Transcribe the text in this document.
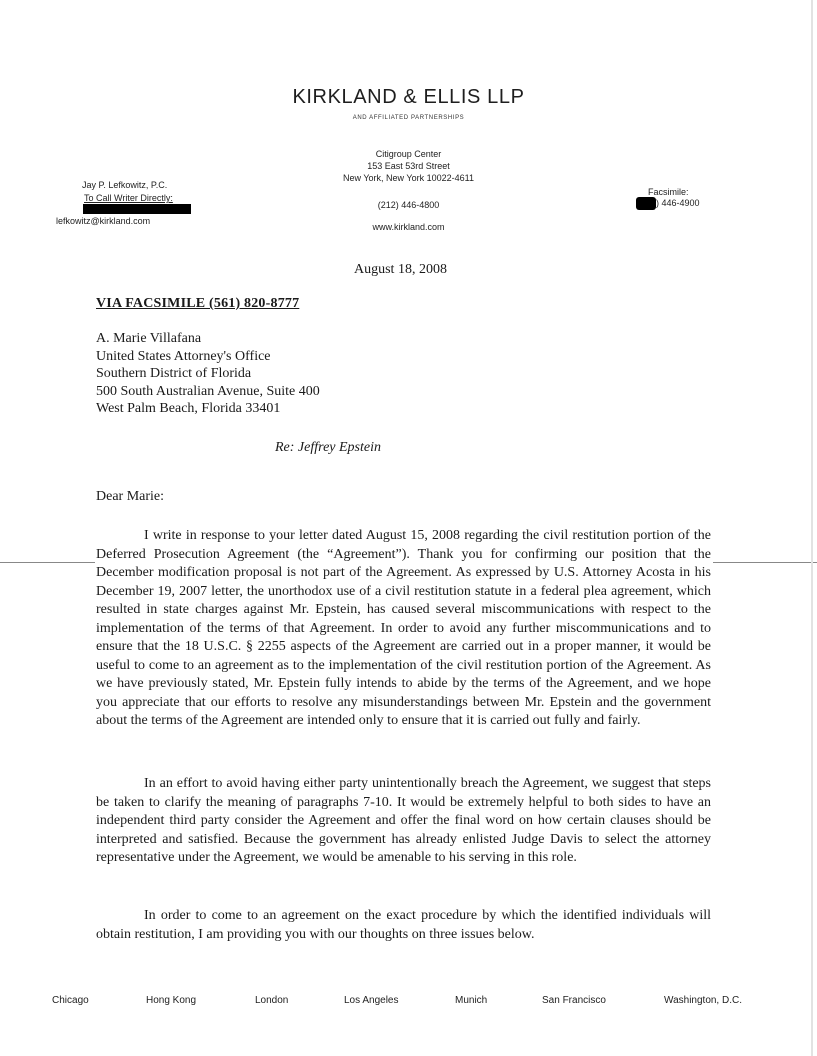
KIRKLAND & ELLIS LLP
AND AFFILIATED PARTNERSHIPS
Citigroup Center
153 East 53rd Street
New York, New York 10022-4611
(212) 446-4800
www.kirkland.com
Jay P. Lefkowitz, P.C.
To Call Writer Directly:
lefkowitz@kirkland.com
Facsimile:
) 446-4900
August 18, 2008
VIA FACSIMILE (561) 820-8777
A. Marie Villafana
United States Attorney's Office
Southern District of Florida
500 South Australian Avenue, Suite 400
West Palm Beach, Florida 33401
Re: Jeffrey Epstein
Dear Marie:
I write in response to your letter dated August 15, 2008 regarding the civil restitution portion of the Deferred Prosecution Agreement (the “Agreement”). Thank you for confirming our position that the December modification proposal is not part of the Agreement. As expressed by U.S. Attorney Acosta in his December 19, 2007 letter, the unorthodox use of a civil restitution statute in a federal plea agreement, which resulted in state charges against Mr. Epstein, has caused several miscommunications with respect to the implementation of the terms of that Agreement. In order to avoid any further miscommunications and to ensure that the 18 U.S.C. § 2255 aspects of the Agreement are carried out in a proper manner, it would be useful to come to an agreement as to the implementation of the civil restitution portion of the Agreement. As we have previously stated, Mr. Epstein fully intends to abide by the terms of the Agreement, and we hope you appreciate that our efforts to resolve any misunderstandings between Mr. Epstein and the government about the terms of the Agreement are intended only to ensure that it is carried out fully and fairly.
In an effort to avoid having either party unintentionally breach the Agreement, we suggest that steps be taken to clarify the meaning of paragraphs 7-10. It would be extremely helpful to both sides to have an independent third party consider the Agreement and offer the final word on how certain clauses should be interpreted and satisfied. Because the government has already enlisted Judge Davis to select the attorney representative under the Agreement, we would be amenable to his serving in this role.
In order to come to an agreement on the exact procedure by which the identified individuals will obtain restitution, I am providing you with our thoughts on three issues below.
Chicago	Hong Kong	London	Los Angeles	Munich	San Francisco	Washington, D.C.
